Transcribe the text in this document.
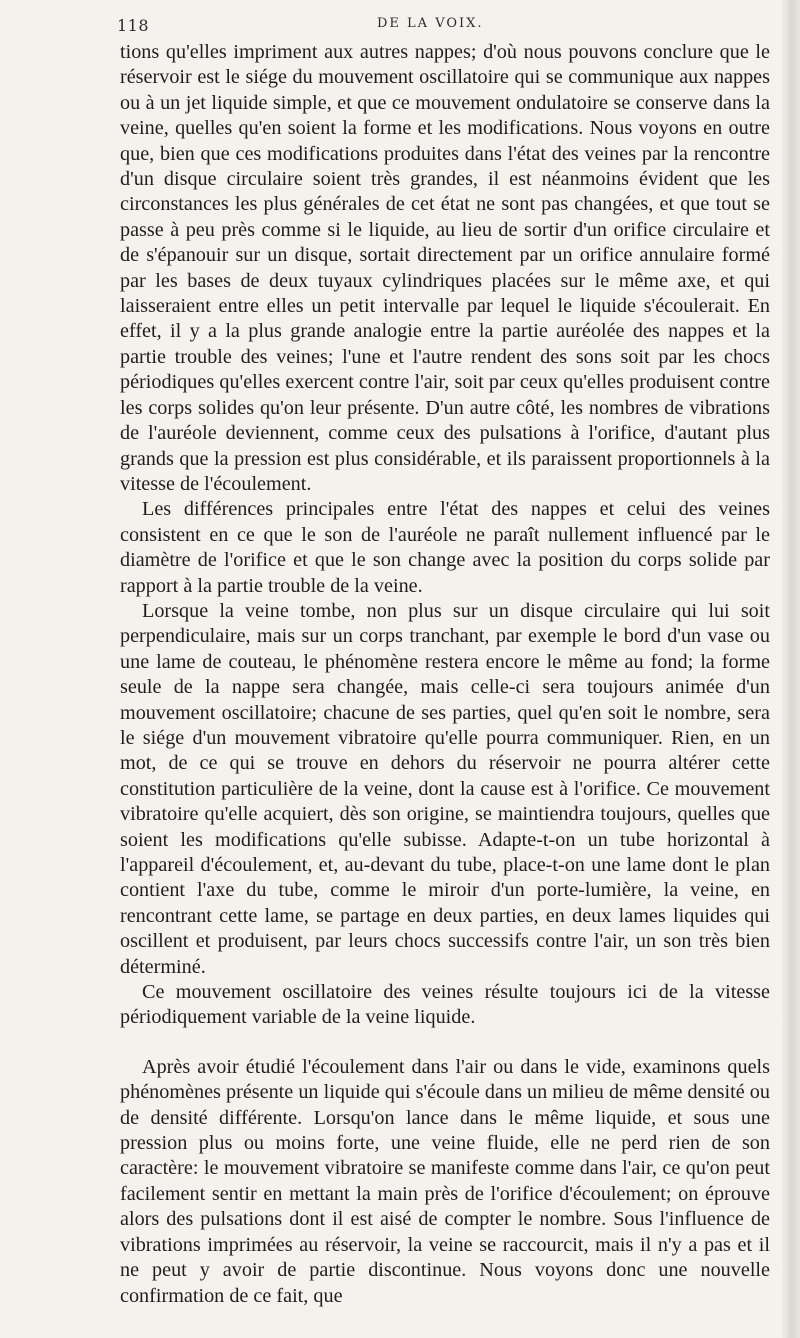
118	DE LA VOIX.

tions qu'elles impriment aux autres nappes; d'où nous pouvons conclure que le réservoir est le siége du mouvement oscillatoire qui se communique aux nappes ou à un jet liquide simple, et que ce mouvement ondulatoire se conserve dans la veine, quelles qu'en soient la forme et les modifications. Nous voyons en outre que, bien que ces modifications produites dans l'état des veines par la rencontre d'un disque circulaire soient très grandes, il est néanmoins évident que les circonstances les plus générales de cet état ne sont pas changées, et que tout se passe à peu près comme si le liquide, au lieu de sortir d'un orifice circulaire et de s'épanouir sur un disque, sortait directement par un orifice annulaire formé par les bases de deux tuyaux cylindriques placées sur le même axe, et qui laisseraient entre elles un petit intervalle par lequel le liquide s'écoulerait. En effet, il y a la plus grande analogie entre la partie auréolée des nappes et la partie trouble des veines; l'une et l'autre rendent des sons soit par les chocs périodiques qu'elles exercent contre l'air, soit par ceux qu'elles produisent contre les corps solides qu'on leur présente. D'un autre côté, les nombres de vibrations de l'auréole deviennent, comme ceux des pulsations à l'orifice, d'autant plus grands que la pression est plus considérable, et ils paraissent proportionnels à la vitesse de l'écoulement.

Les différences principales entre l'état des nappes et celui des veines consistent en ce que le son de l'auréole ne paraît nullement influencé par le diamètre de l'orifice et que le son change avec la position du corps solide par rapport à la partie trouble de la veine.

Lorsque la veine tombe, non plus sur un disque circulaire qui lui soit perpendiculaire, mais sur un corps tranchant, par exemple le bord d'un vase ou une lame de couteau, le phénomène restera encore le même au fond; la forme seule de la nappe sera changée, mais celle-ci sera toujours animée d'un mouvement oscillatoire; chacune de ses parties, quel qu'en soit le nombre, sera le siége d'un mouvement vibratoire qu'elle pourra communiquer. Rien, en un mot, de ce qui se trouve en dehors du réservoir ne pourra altérer cette constitution particulière de la veine, dont la cause est à l'orifice. Ce mouvement vibratoire qu'elle acquiert, dès son origine, se maintiendra toujours, quelles que soient les modifications qu'elle subisse. Adapte-t-on un tube horizontal à l'appareil d'écoulement, et, au-devant du tube, place-t-on une lame dont le plan contient l'axe du tube, comme le miroir d'un porte-lumière, la veine, en rencontrant cette lame, se partage en deux parties, en deux lames liquides qui oscillent et produisent, par leurs chocs successifs contre l'air, un son très bien déterminé.

Ce mouvement oscillatoire des veines résulte toujours ici de la vitesse périodiquement variable de la veine liquide.

Après avoir étudié l'écoulement dans l'air ou dans le vide, examinons quels phénomènes présente un liquide qui s'écoule dans un milieu de même densité ou de densité différente. Lorsqu'on lance dans le même liquide, et sous une pression plus ou moins forte, une veine fluide, elle ne perd rien de son caractère: le mouvement vibratoire se manifeste comme dans l'air, ce qu'on peut facilement sentir en mettant la main près de l'orifice d'écoulement; on éprouve alors des pulsations dont il est aisé de compter le nombre. Sous l'influence de vibrations imprimées au réservoir, la veine se raccourcit, mais il n'y a pas et il ne peut y avoir de partie discontinue. Nous voyons donc une nouvelle confirmation de ce fait, que
